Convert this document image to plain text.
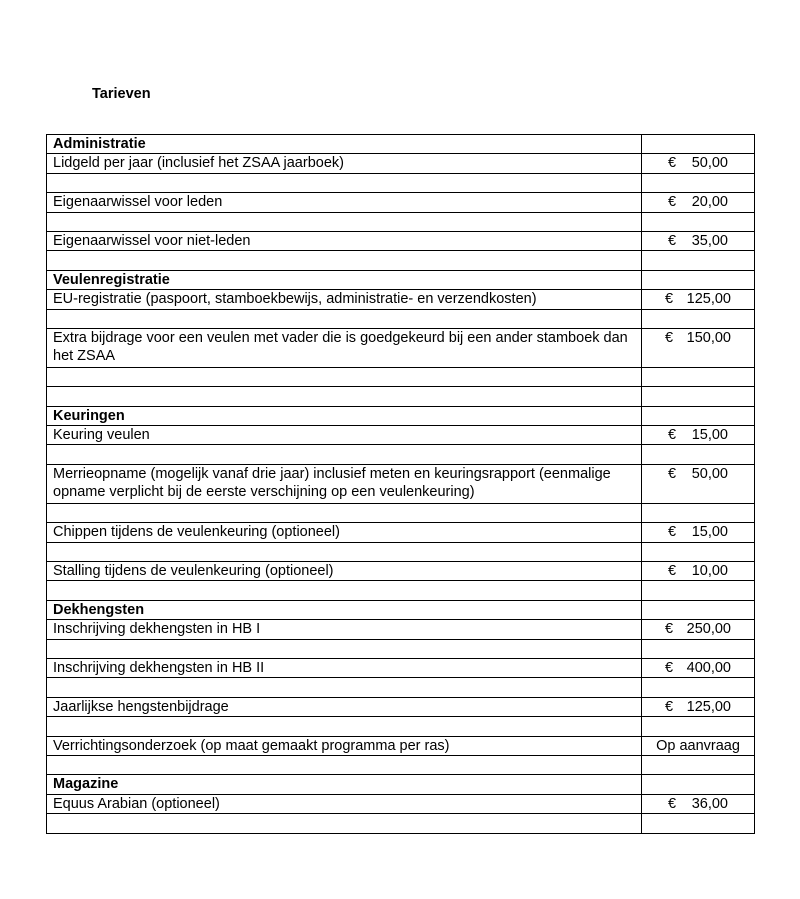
Tarieven
Administratie	
Lidgeld per jaar (inclusief het ZSAA jaarboek)	€ 50,00

Eigenaarwissel voor leden	€ 20,00

Eigenaarwissel voor niet-leden	€ 35,00

Veulenregistratie	
EU-registratie (paspoort, stamboekbewijs, administratie- en verzendkosten)	€ 125,00

Extra bijdrage voor een veulen met vader die is goedgekeurd bij een ander stamboek dan het ZSAA	€ 150,00

Keuringen	
Keuring veulen	€ 15,00

Merrieopname (mogelijk vanaf drie jaar) inclusief meten en keuringsrapport (eenmalige opname verplicht bij de eerste verschijning op een veulenkeuring)	€ 50,00

Chippen tijdens de veulenkeuring (optioneel)	€ 15,00

Stalling tijdens de veulenkeuring (optioneel)	€ 10,00

Dekhengsten	
Inschrijving dekhengsten in HB I	€ 250,00

Inschrijving dekhengsten in HB II	€ 400,00

Jaarlijkse hengstenbijdrage	€ 125,00

Verrichtingsonderzoek (op maat gemaakt programma per ras)	Op aanvraag

Magazine	
Equus Arabian (optioneel)	€ 36,00
